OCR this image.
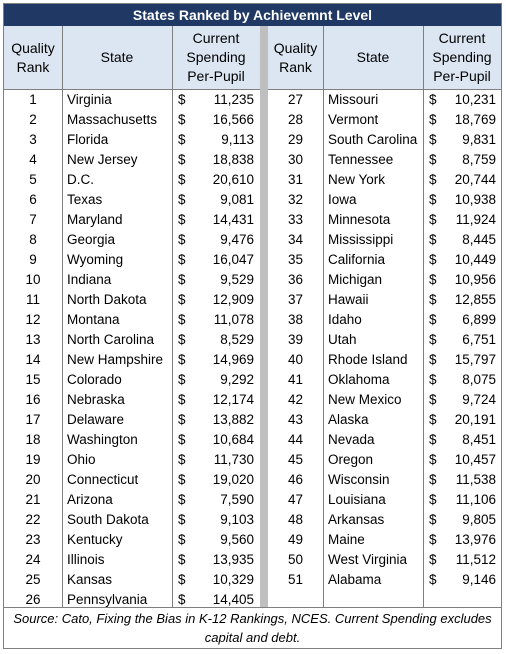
States Ranked by Achievemnt Level
Quality Rank
State
Current Spending Per-Pupil
Quality Rank
State
Current Spending Per-Pupil
1	Virginia	$	11,235
2	Massachusetts $	16,566
3	Florida	$	9,113
4	New Jersey	$	18,838
5	D.C.	$	20,610
6	Texas	$	9,081
7	Maryland	$	14,431
8	Georgia	$	9,476
9	Wyoming	$	16,047
10	Indiana	$	9,529
11	North Dakota $	12,909
12	Montana	$	11,078
13	North Carolina $	8,529
14	New Hampshire $	14,969
15	Colorado	$	9,292
16	Nebraska	$	12,174
17	Delaware	$	13,882
18	Washington	$	10,684
19	Ohio	$	11,730
20	Connecticut	$	19,020
21	Arizona	$	7,590
22	South Dakota $	9,103
23	Kentucky	$	9,560
24	Illinois	$	13,935
25	Kansas	$	10,329
26	Pennsylvania $	14,405
27	Missouri	$	10,231
28	Vermont	$	18,769
29	South Carolina $	9,831
30	Tennessee	$	8,759
31	New York	$	20,744
32	Iowa	$	10,938
33	Minnesota	$	11,924
34	Mississippi	$	8,445
35	California	$	10,449
36	Michigan	$	10,956
37	Hawaii	$	12,855
38	Idaho	$	6,899
39	Utah	$	6,751
40	Rhode Island $	15,797
41	Oklahoma	$	8,075
42	New Mexico $	9,724
43	Alaska	$	20,191
44	Nevada	$	8,451
45	Oregon	$	10,457
46	Wisconsin	$	11,538
47	Louisiana	$	11,106
48	Arkansas	$	9,805
49	Maine	$	13,976
50	West Virginia $	11,512
51	Alabama	$	9,146
Source: Cato, Fixing the Bias in K-12 Rankings, NCES. Current Spending excludes capital and debt.
